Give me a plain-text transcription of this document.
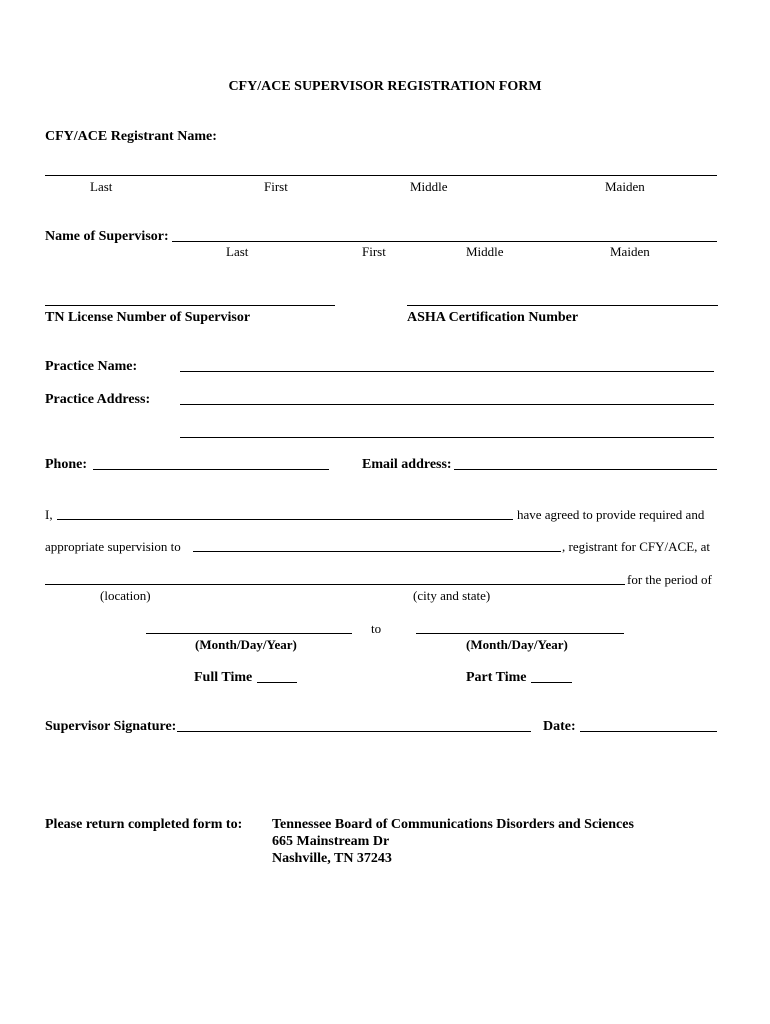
CFY/ACE SUPERVISOR REGISTRATION FORM
CFY/ACE Registrant Name:
Last	First	Middle	Maiden
Name of Supervisor:
Last	First	Middle	Maiden
TN License Number of Supervisor	ASHA Certification Number
Practice Name:
Practice Address:
Phone:	Email address:
I,	have agreed to provide required and
appropriate supervision to	, registrant for CFY/ACE, at
for the period of
(location)	(city and state)
to
(Month/Day/Year)	(Month/Day/Year)
Full Time	Part Time
Supervisor Signature:	Date:
Please return completed form to: Tennessee Board of Communications Disorders and Sciences
665 Mainstream Dr
Nashville, TN 37243
